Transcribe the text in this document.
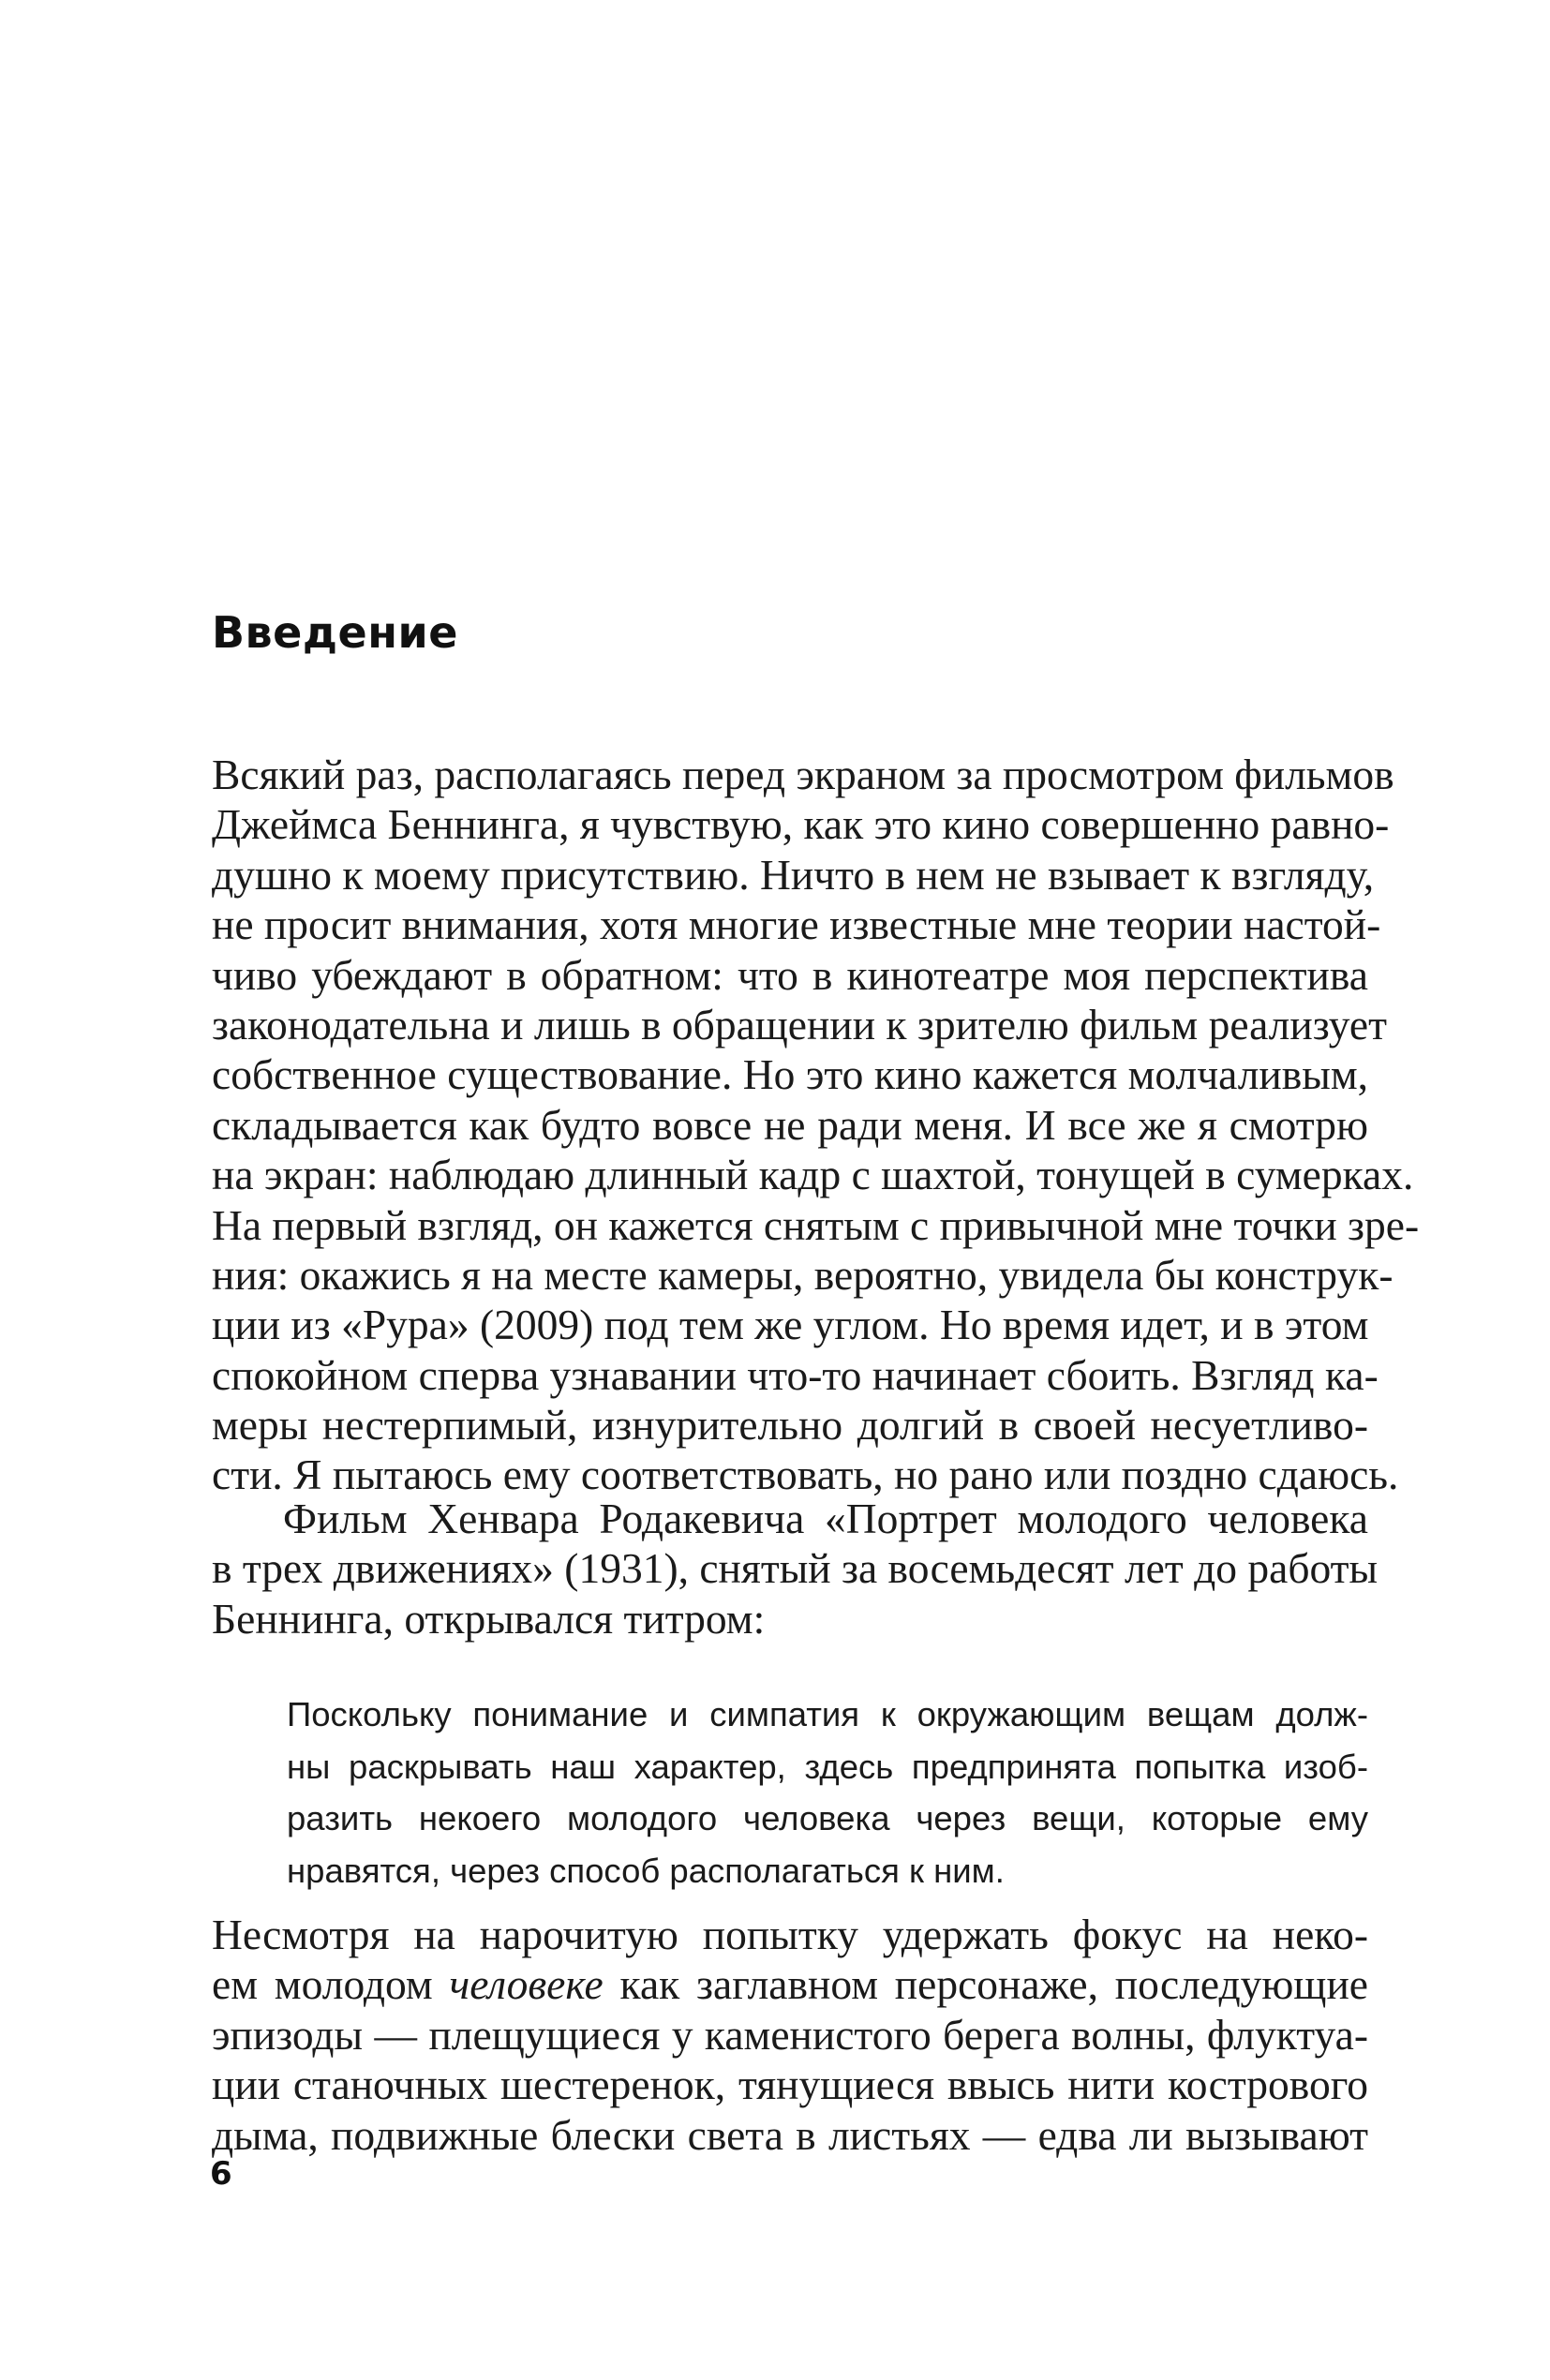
Введение
Всякий раз, располагаясь перед экраном за просмотром фильмов
Джеймса Беннинга, я чувствую, как это кино совершенно равно-
душно к моему присутствию. Ничто в нем не взывает к взгляду,
не просит внимания, хотя многие известные мне теории настой-
чиво убеждают в обратном: что в кинотеатре моя перспектива
законодательна и лишь в обращении к зрителю фильм реализует
собственное существование. Но это кино кажется молчаливым,
складывается как будто вовсе не ради меня. И все же я смотрю
на экран: наблюдаю длинный кадр с шахтой, тонущей в сумерках.
На первый взгляд, он кажется снятым с привычной мне точки зре-
ния: окажись я на месте камеры, вероятно, увидела бы конструк-
ции из «Рура» (2009) под тем же углом. Но время идет, и в этом
спокойном сперва узнавании что-то начинает сбоить. Взгляд ка-
меры нестерпимый, изнурительно долгий в своей несуетливо-
сти. Я пытаюсь ему соответствовать, но рано или поздно сдаюсь.
Фильм Хенвара Родакевича «Портрет молодого человека
в трех движениях» (1931), снятый за восемьдесят лет до работы
Беннинга, открывался титром:
Поскольку понимание и симпатия к окружающим вещам долж-
ны раскрывать наш характер, здесь предпринята попытка изоб-
разить некоего молодого человека через вещи, которые ему
нравятся, через способ располагаться к ним.
Несмотря на нарочитую попытку удержать фокус на неко-
ем молодом человеке как заглавном персонаже, последующие
эпизоды — плещущиеся у каменистого берега волны, флуктуа-
ции станочных шестеренок, тянущиеся ввысь нити кострового
дыма, подвижные блески света в листьях — едва ли вызывают
6
